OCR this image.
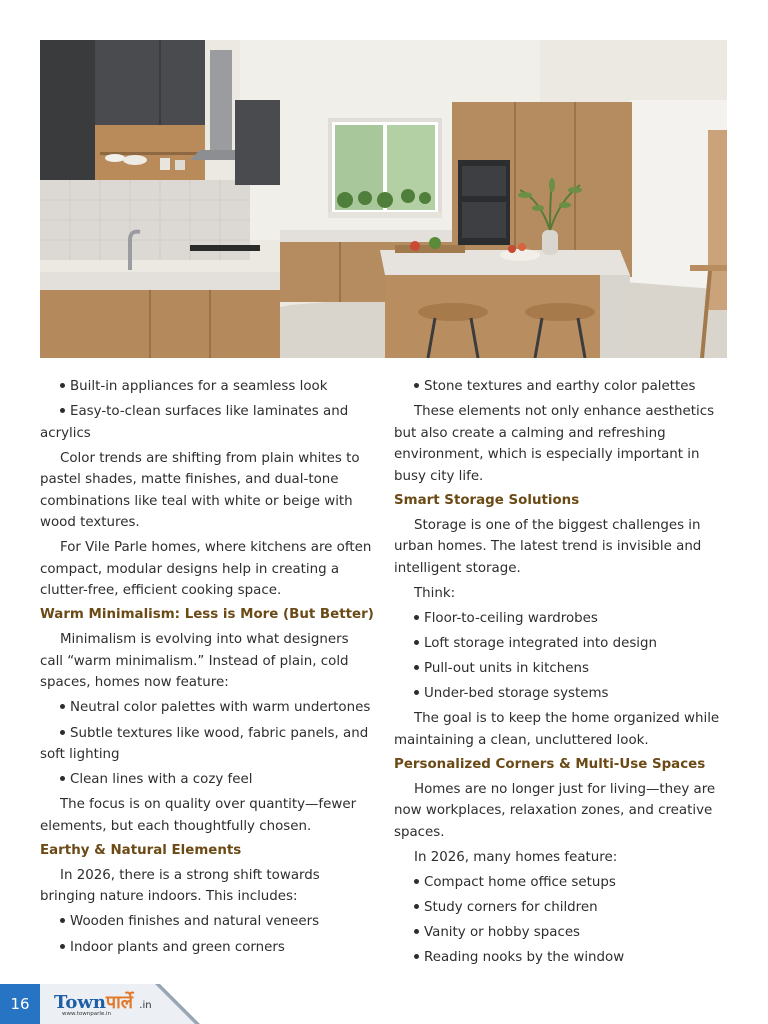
Built-in appliances for a seamless look
Easy-to-clean surfaces like laminates and acrylics
Color trends are shifting from plain whites to pastel shades, matte finishes, and dual-tone combinations like teal with white or beige with wood textures.
For Vile Parle homes, where kitchens are often compact, modular designs help in creating a clutter-free, efficient cooking space.
Warm Minimalism: Less is More (But Better)
Minimalism is evolving into what designers call “warm minimalism.” Instead of plain, cold spaces, homes now feature:
Neutral color palettes with warm undertones
Subtle textures like wood, fabric panels, and soft lighting
Clean lines with a cozy feel
The focus is on quality over quantity—fewer elements, but each thoughtfully chosen.
Earthy & Natural Elements
In 2026, there is a strong shift towards bringing nature indoors. This includes:
Wooden finishes and natural veneers
Indoor plants and green corners
Stone textures and earthy color palettes
These elements not only enhance aesthetics but also create a calming and refreshing environment, which is especially important in busy city life.
Smart Storage Solutions
Storage is one of the biggest challenges in urban homes. The latest trend is invisible and intelligent storage.
Think:
Floor-to-ceiling wardrobes
Loft storage integrated into design
Pull-out units in kitchens
Under-bed storage systems
The goal is to keep the home organized while maintaining a clean, uncluttered look.
Personalized Corners & Multi-Use Spaces
Homes are no longer just for living—they are now workplaces, relaxation zones, and creative spaces.
In 2026, many homes feature:
Compact home office setups
Study corners for children
Vanity or hobby spaces
Reading nooks by the window
16	Townपार्ले .in
www.townparle.in
